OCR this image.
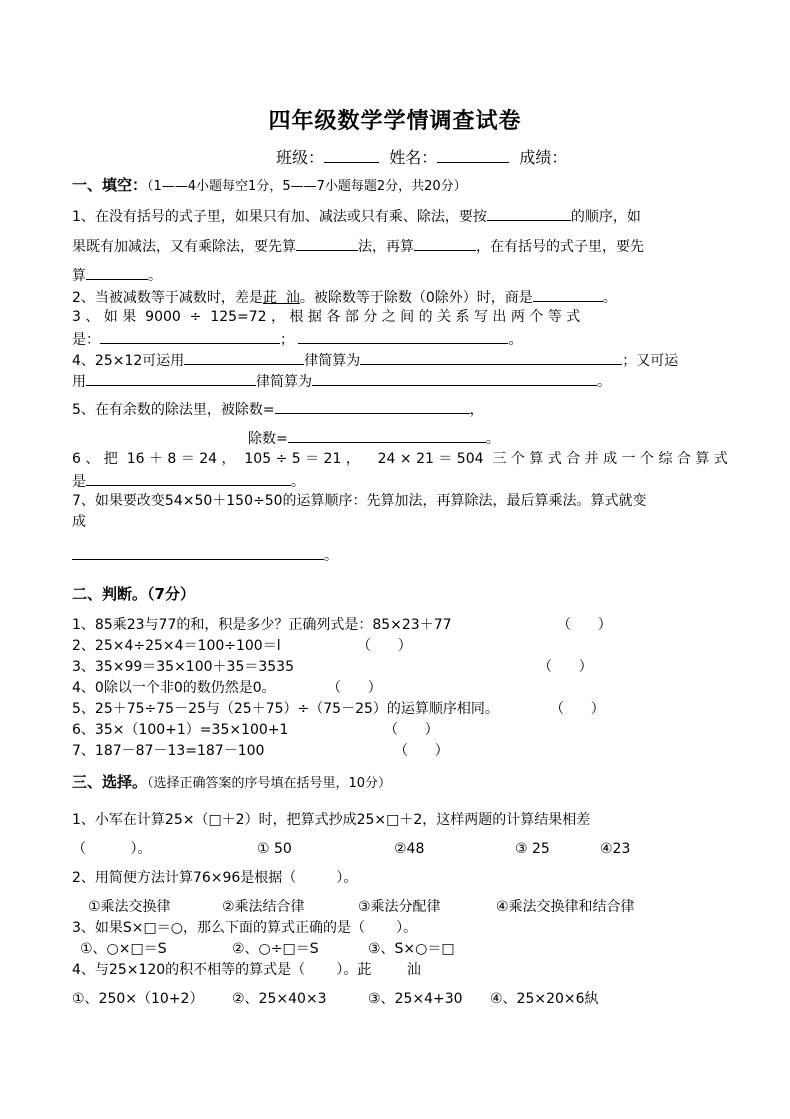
四年级数学学情调查试卷
班级：	姓名：	成绩：
一、填空：（1——4小题每空1分，5——7小题每题2分，共20分）
1、在没有括号的式子里，如果只有加、减法或只有乘、除法，要按	的顺序，如
果既有加减法，又有乘除法，要先算	法，再算	，在有括号的式子里，要先
算	。
2、当被减数等于减数时，差是茈  汕。被除数等于除数（0除外）时，商是	。
3 、 如 果  9000  ÷  125=72 ， 根 据 各 部 分 之 间 的 关 系 写 出 两 个 等 式
是：	；	。
4、25×12可运用	律简算为	；又可运
用	律简算为	。
5、在有余数的除法里，被除数=	，
除数=	。
6 、 把  16 ＋ 8 ＝ 24 ，  105 ÷ 5 ＝ 21 ，    24 × 21 ＝ 504  三 个 算 式 合 并 成 一 个 综 合 算 式
是	。
7、如果要改变54×50＋150÷50的运算顺序：先算加法，再算除法，最后算乘法。算式就变
成
。
二、判断。（7分）
1、85乘23与77的和，积是多少？正确列式是：85×23＋77	（      ）
2、25×4÷25×4＝100÷100＝l	（      ）
3、35×99＝35×100＋35＝3535	（      ）
4、0除以一个非0的数仍然是0。	（      ）
5、25＋75÷75－25与（25＋75）÷（75－25）的运算顺序相同。	（      ）
6、35×（100+1）=35×100+1	（      ）
7、187－87－13=187－100	（      ）
三、选择。（选择正确答案的序号填在括号里，10分）
1、小军在计算25×（□＋2）时，把算式抄成25×□＋2，这样两题的计算结果相差
（          ）。	① 50	②48	③ 25	④23
2、用简便方法计算76×96是根据（         ）。
①乘法交换律	②乘法结合律	③乘法分配律	④乘法交换律和结合律
3、如果S×□＝○，那么下面的算式正确的是（       ）。
①、○×□＝S	②、○÷□＝S	③、S×○＝□
4、与25×120的积不相等的算式是（       ）。茈        汕
①、250×（10+2） ②、25×40×3	③、25×4+30 ④、25×20×6紈
